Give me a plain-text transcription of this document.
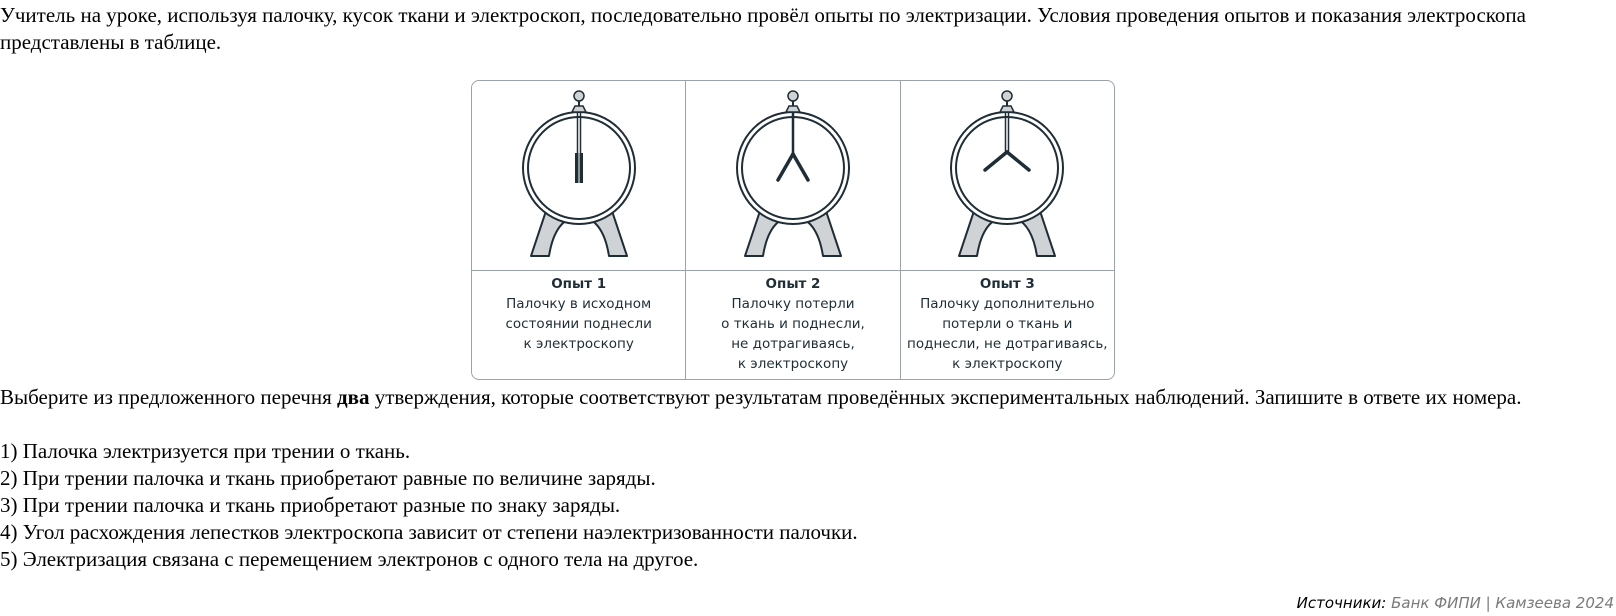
Учитель на уроке, используя палочку, кусок ткани и электроскоп, последовательно провёл опыты по электризации. Условия проведения опытов и показания электроскопа представлены в таблице.
Опыт 1
Палочку в исходном
состоянии поднесли
к электроскопу
Опыт 2
Палочку потерли
о ткань и поднесли,
не дотрагиваясь,
к электроскопу
Опыт 3
Палочку дополнительно
потерли о ткань и
поднесли, не дотрагиваясь,
к электроскопу
Выберите из предложенного перечня два утверждения, которые соответствуют результатам проведённых экспериментальных наблюдений. Запишите в ответе их номера.
1) Палочка электризуется при трении о ткань.
2) При трении палочка и ткань приобретают равные по величине заряды.
3) При трении палочка и ткань приобретают разные по знаку заряды.
4) Угол расхождения лепестков электроскопа зависит от степени наэлектризованности палочки.
5) Электризация связана с перемещением электронов с одного тела на другое.
Источники: Банк ФИПИ | Камзеева 2024
